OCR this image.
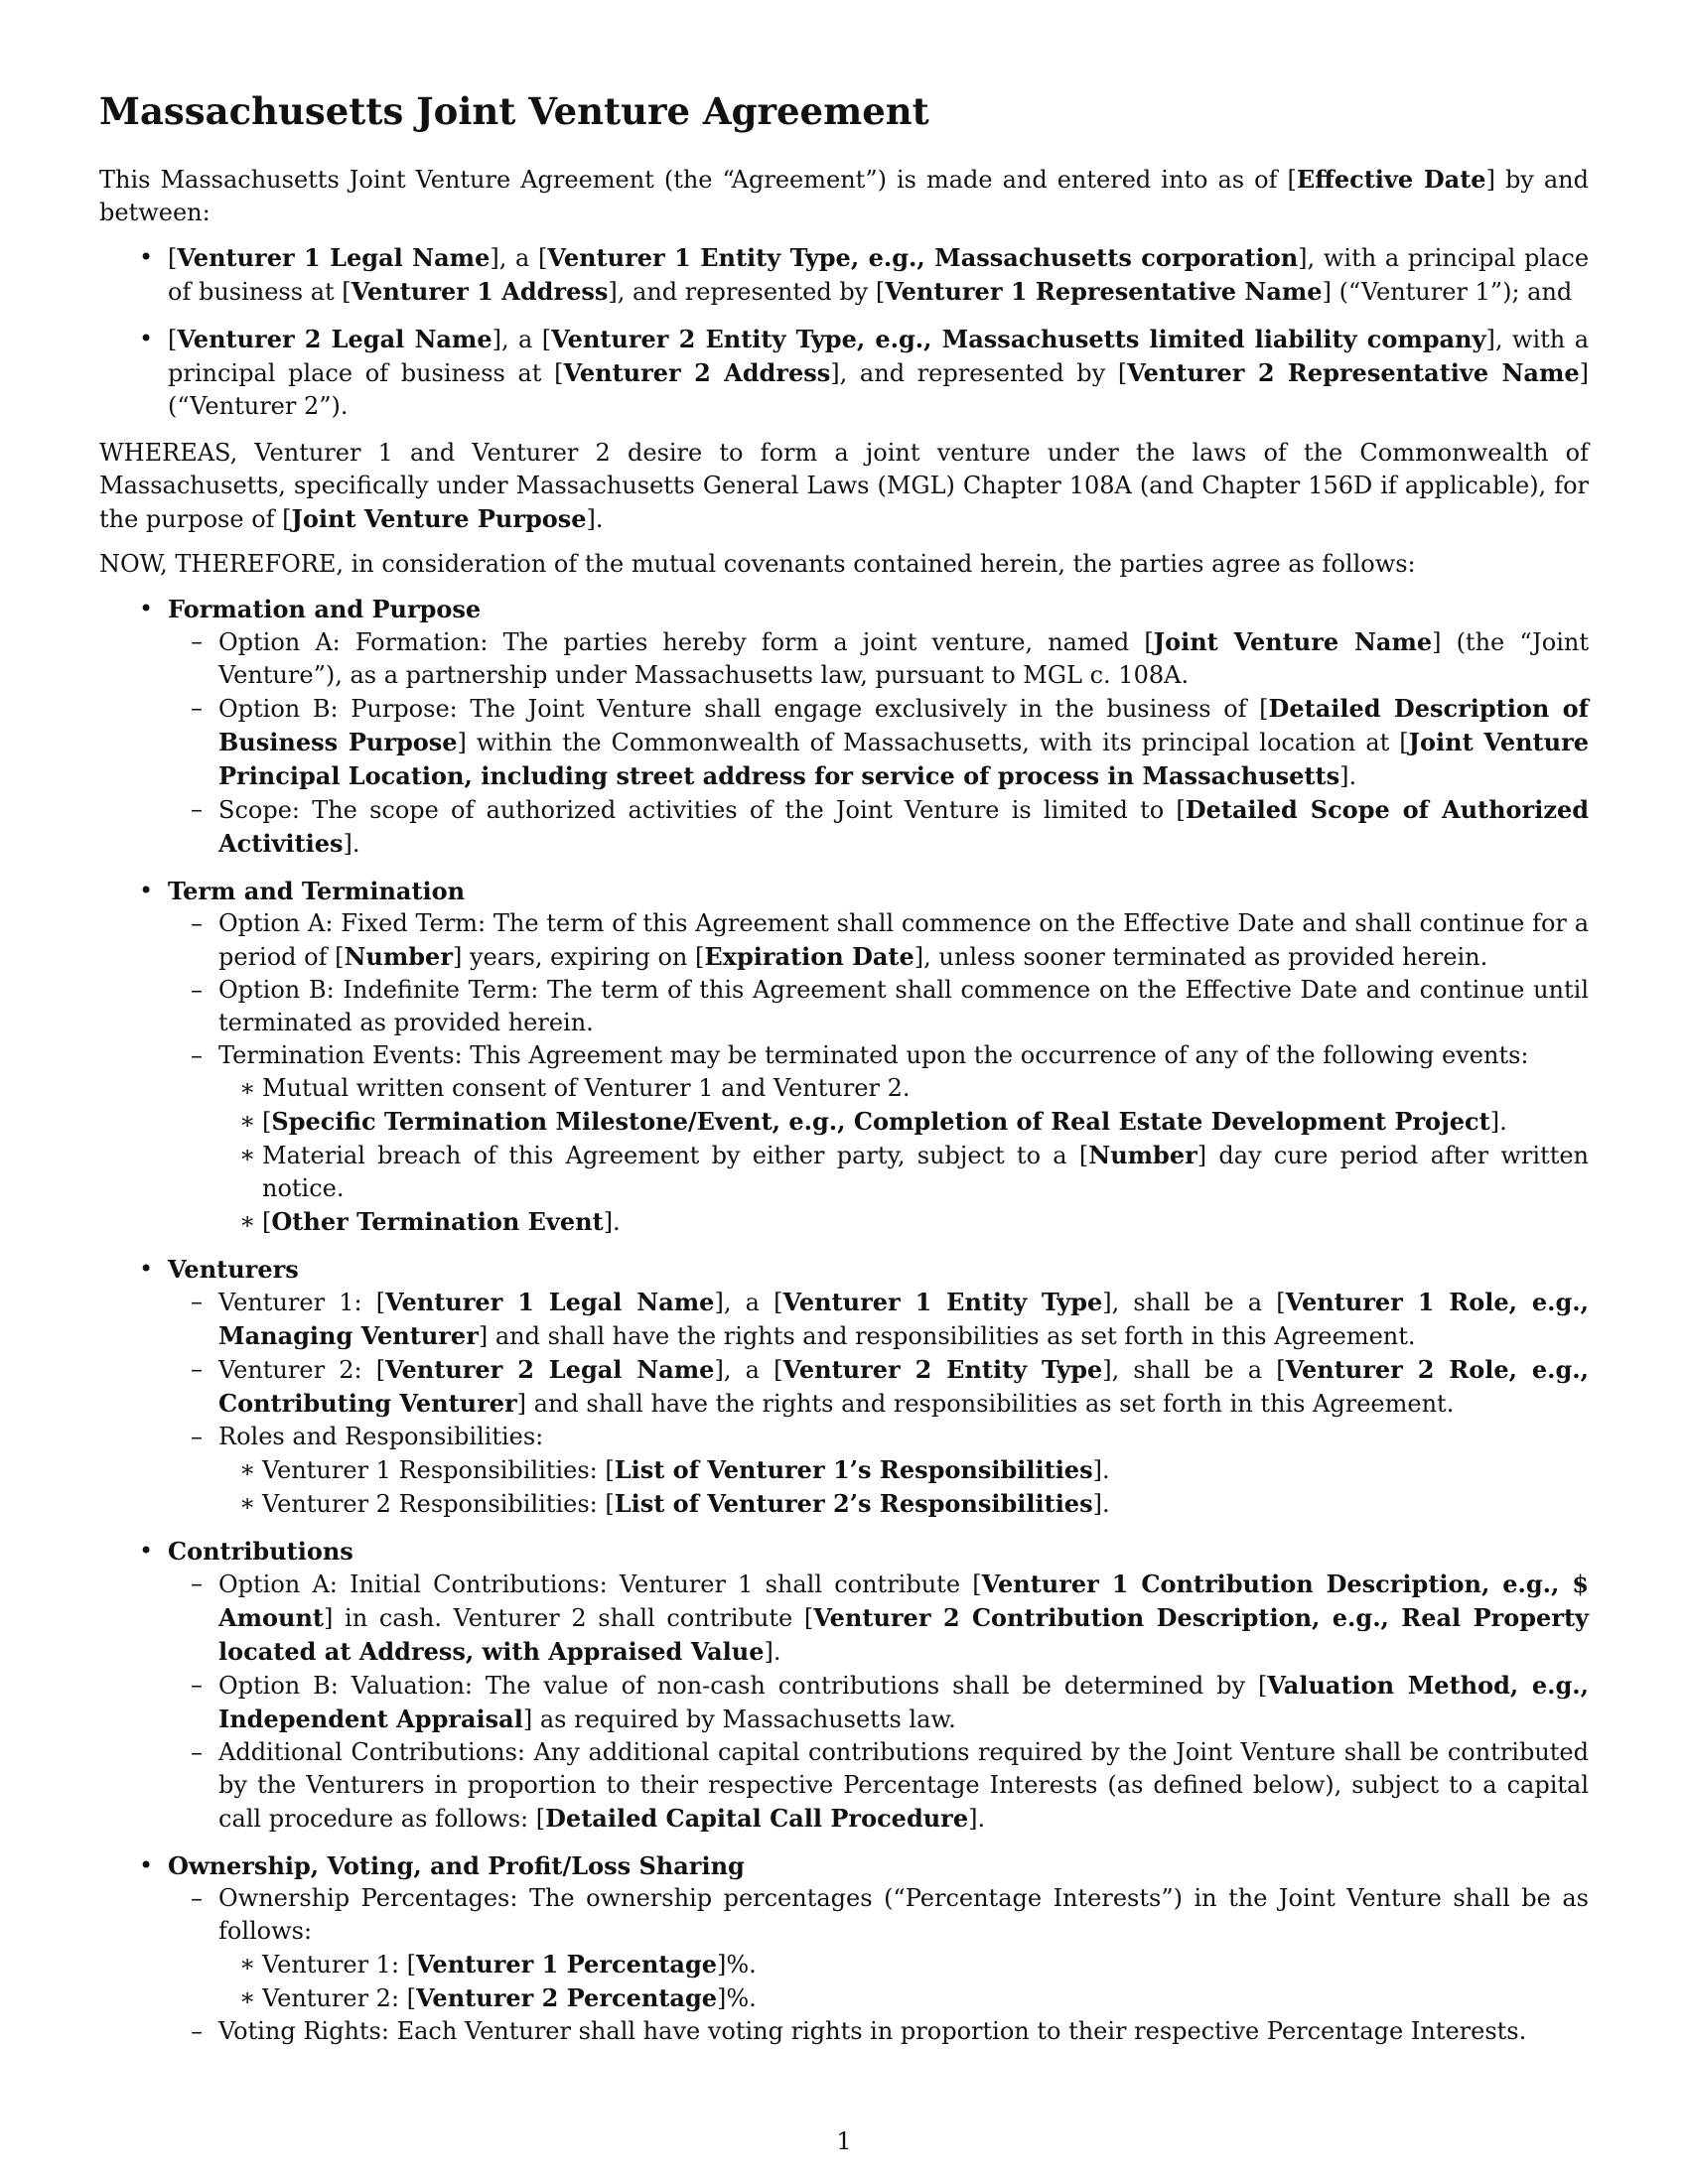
Massachusetts Joint Venture Agreement

This Massachusetts Joint Venture Agreement (the “Agreement”) is made and entered into as of [Effective Date] by and between:

• [Venturer 1 Legal Name], a [Venturer 1 Entity Type, e.g., Massachusetts corporation], with a principal place of business at [Venturer 1 Address], and represented by [Venturer 1 Representative Name] (“Venturer 1”); and
• [Venturer 2 Legal Name], a [Venturer 2 Entity Type, e.g., Massachusetts limited liability company], with a principal place of business at [Venturer 2 Address], and represented by [Venturer 2 Representative Name] (“Venturer 2”).

WHEREAS, Venturer 1 and Venturer 2 desire to form a joint venture under the laws of the Commonwealth of Massachusetts, specifically under Massachusetts General Laws (MGL) Chapter 108A (and Chapter 156D if applicable), for the purpose of [Joint Venture Purpose].

NOW, THEREFORE, in consideration of the mutual covenants contained herein, the parties agree as follows:

• Formation and Purpose
– Option A: Formation: The parties hereby form a joint venture, named [Joint Venture Name] (the “Joint Venture”), as a partnership under Massachusetts law, pursuant to MGL c. 108A.
– Option B: Purpose: The Joint Venture shall engage exclusively in the business of [Detailed Description of Business Purpose] within the Commonwealth of Massachusetts, with its principal location at [Joint Venture Principal Location, including street address for service of process in Massachusetts].
– Scope: The scope of authorized activities of the Joint Venture is limited to [Detailed Scope of Authorized Activities].
• Term and Termination
– Option A: Fixed Term: The term of this Agreement shall commence on the Effective Date and shall continue for a period of [Number] years, expiring on [Expiration Date], unless sooner terminated as provided herein.
– Option B: Indefinite Term: The term of this Agreement shall commence on the Effective Date and continue until terminated as provided herein.
– Termination Events: This Agreement may be terminated upon the occurrence of any of the following events:
∗ Mutual written consent of Venturer 1 and Venturer 2.
∗ [Specific Termination Milestone/Event, e.g., Completion of Real Estate Development Project].
∗ Material breach of this Agreement by either party, subject to a [Number] day cure period after written notice.
∗ [Other Termination Event].
• Venturers
– Venturer 1: [Venturer 1 Legal Name], a [Venturer 1 Entity Type], shall be a [Venturer 1 Role, e.g., Managing Venturer] and shall have the rights and responsibilities as set forth in this Agreement.
– Venturer 2: [Venturer 2 Legal Name], a [Venturer 2 Entity Type], shall be a [Venturer 2 Role, e.g., Contributing Venturer] and shall have the rights and responsibilities as set forth in this Agreement.
– Roles and Responsibilities:
∗ Venturer 1 Responsibilities: [List of Venturer 1’s Responsibilities].
∗ Venturer 2 Responsibilities: [List of Venturer 2’s Responsibilities].
• Contributions
– Option A: Initial Contributions: Venturer 1 shall contribute [Venturer 1 Contribution Description, e.g., $ Amount] in cash. Venturer 2 shall contribute [Venturer 2 Contribution Description, e.g., Real Property located at Address, with Appraised Value].
– Option B: Valuation: The value of non-cash contributions shall be determined by [Valuation Method, e.g., Independent Appraisal] as required by Massachusetts law.
– Additional Contributions: Any additional capital contributions required by the Joint Venture shall be contributed by the Venturers in proportion to their respective Percentage Interests (as defined below), subject to a capital call procedure as follows: [Detailed Capital Call Procedure].
• Ownership, Voting, and Profit/Loss Sharing
– Ownership Percentages: The ownership percentages (“Percentage Interests”) in the Joint Venture shall be as follows:
∗ Venturer 1: [Venturer 1 Percentage]%.
∗ Venturer 2: [Venturer 2 Percentage]%.
– Voting Rights: Each Venturer shall have voting rights in proportion to their respective Percentage Interests.
1
